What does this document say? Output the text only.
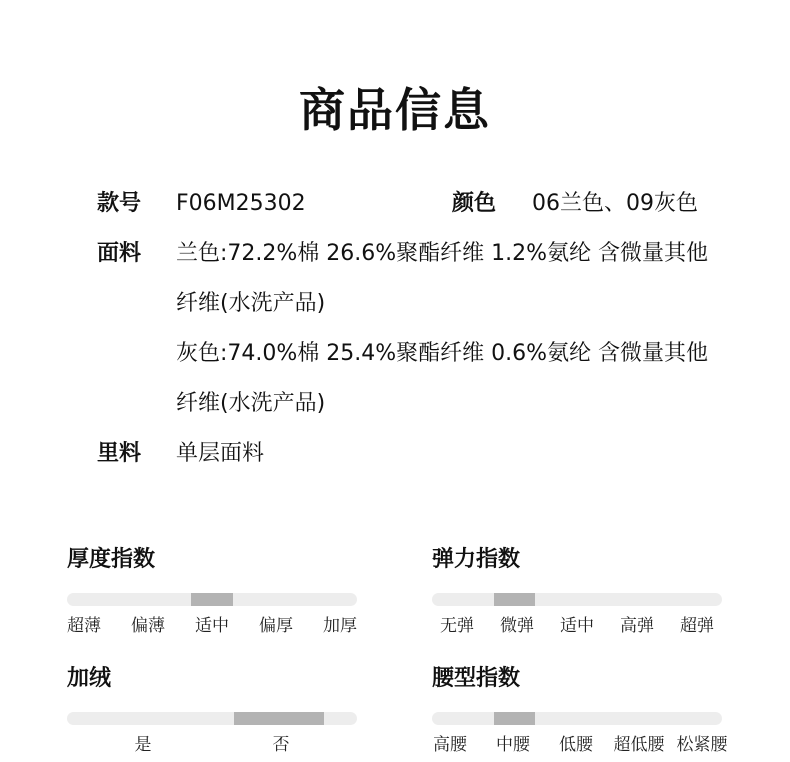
商品信息
款号 F06M25302	颜色 06兰色、09灰色
面料 兰色:72.2%棉 26.6%聚酯纤维 1.2%氨纶 含微量其他
纤维(水洗产品)
灰色:74.0%棉 25.4%聚酯纤维 0.6%氨纶 含微量其他
纤维(水洗产品)
里料 单层面料
厚度指数
超薄	偏薄	适中	偏厚	加厚
弹力指数
无弹	微弹	适中	高弹	超弹
加绒
是	否
腰型指数
高腰	中腰	低腰	超低腰 松紧腰
